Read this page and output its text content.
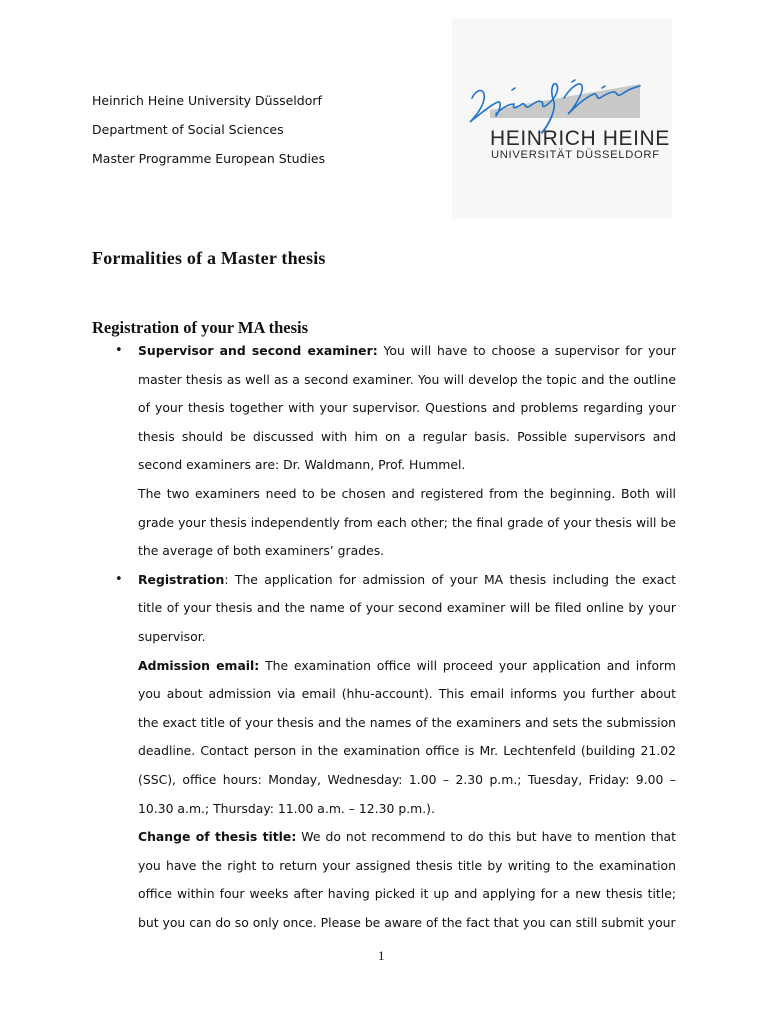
Heinrich Heine University Düsseldorf
Department of Social Sciences
Master Programme European Studies
HEINRICH HEINE
UNIVERSITÄT DÜSSELDORF
Formalities of a Master thesis
Registration of your MA thesis
• Supervisor and second examiner: You will have to choose a supervisor for your master thesis as well as a second examiner. You will develop the topic and the outline of your thesis together with your supervisor. Questions and problems regarding your thesis should be discussed with him on a regular basis. Possible supervisors and second examiners are: Dr. Waldmann, Prof. Hummel.

The two examiners need to be chosen and registered from the beginning. Both will grade your thesis independently from each other; the final grade of your thesis will be the average of both examiners’ grades.

• Registration: The application for admission of your MA thesis including the exact title of your thesis and the name of your second examiner will be filed online by your supervisor.

Admission email: The examination office will proceed your application and inform you about admission via email (hhu-account). This email informs you further about the exact title of your thesis and the names of the examiners and sets the submission deadline. Contact person in the examination office is Mr. Lechtenfeld (building 21.02 (SSC), office hours: Monday, Wednesday: 1.00 – 2.30 p.m.; Tuesday, Friday: 9.00 – 10.30 a.m.; Thursday: 11.00 a.m. – 12.30 p.m.).

Change of thesis title: We do not recommend to do this but have to mention that you have the right to return your assigned thesis title by writing to the examination office within four weeks after having picked it up and applying for a new thesis title; but you can do so only once. Please be aware of the fact that you can still submit your

1
